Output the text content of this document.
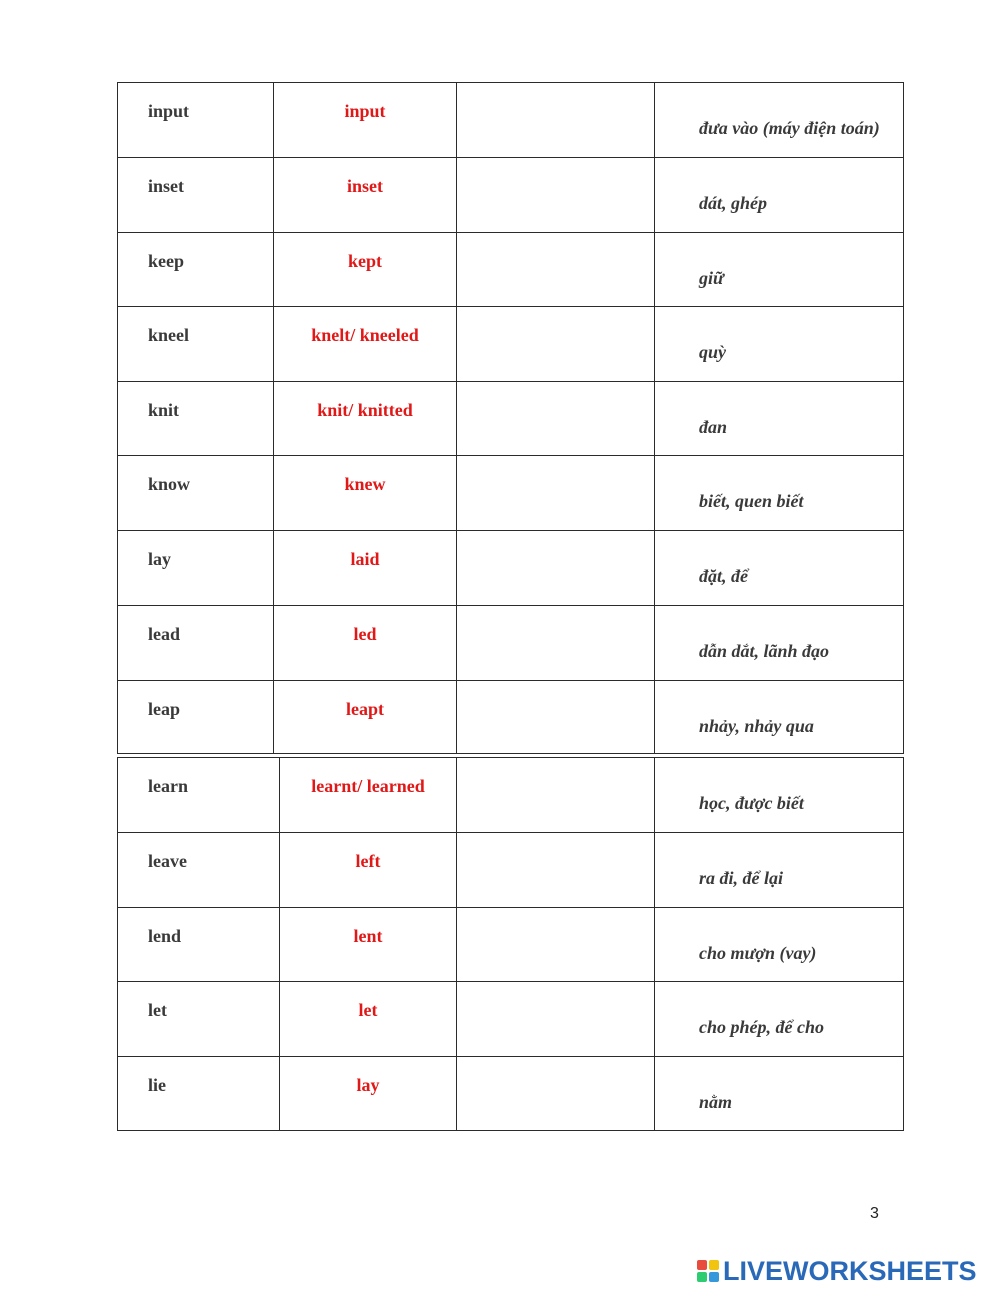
input	input		đưa vào (máy điện toán)

inset	inset		dát, ghép

keep	kept		giữ

kneel	knelt/ kneeled		quỳ

knit	knit/ knitted		đan

know	knew		biết, quen biết

lay	laid		đặt, để

lead	led		dẫn dắt, lãnh đạo

leap	leapt		nhảy, nhảy qua
learn	learnt/ learned		học, được biết

leave	left		ra đi, để lại

lend	lent		cho mượn (vay)

let	let		cho phép, để cho

lie	lay		nằm
3
LIVEWORKSHEETS
